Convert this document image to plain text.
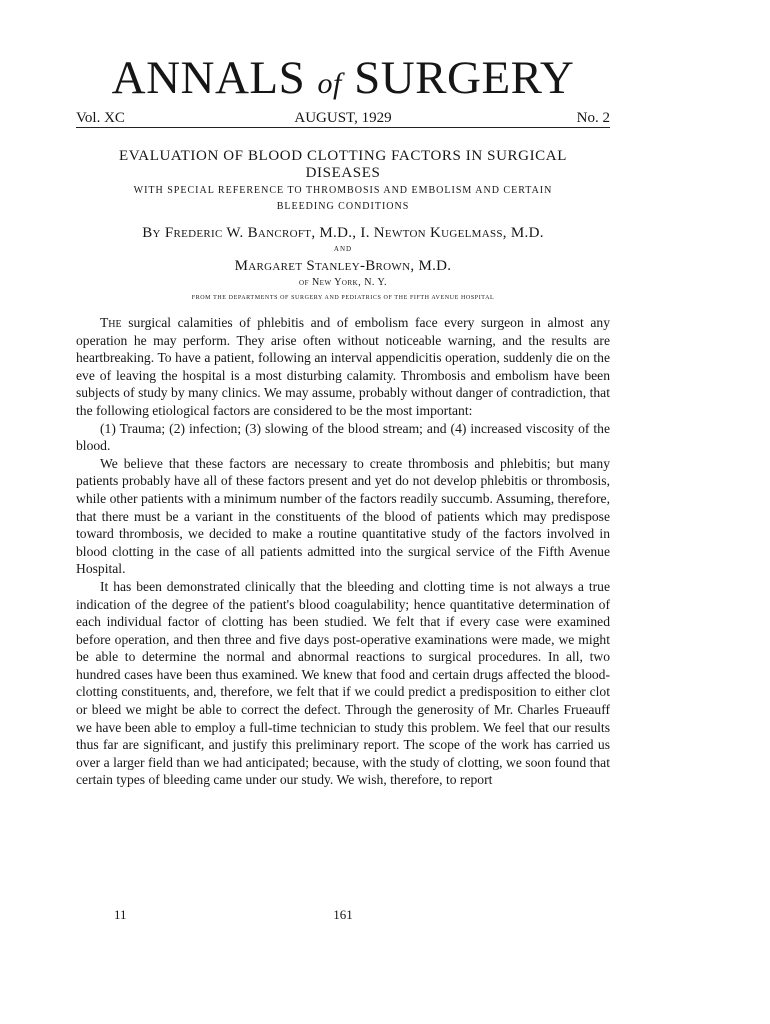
ANNALS of SURGERY
Vol. XC	AUGUST, 1929	No. 2
EVALUATION OF BLOOD CLOTTING FACTORS IN SURGICAL
DISEASES
WITH SPECIAL REFERENCE TO THROMBOSIS AND EMBOLISM AND CERTAIN
BLEEDING CONDITIONS
By Frederic W. Bancroft, M.D., I. Newton Kugelmass, M.D.
AND
Margaret Stanley-Brown, M.D.
of New York, N. Y.
FROM THE DEPARTMENTS OF SURGERY AND PEDIATRICS OF THE FIFTH AVENUE HOSPITAL

The surgical calamities of phlebitis and of embolism face every surgeon in almost any operation he may perform. They arise often without noticeable warning, and the results are heartbreaking. To have a patient, following an interval appendicitis operation, suddenly die on the eve of leaving the hospital is a most disturbing calamity. Thrombosis and embolism have been subjects of study by many clinics. We may assume, probably without danger of contradiction, that the following etiological factors are considered to be the most important:

(1) Trauma; (2) infection; (3) slowing of the blood stream; and (4) increased viscosity of the blood.

We believe that these factors are necessary to create thrombosis and phlebitis; but many patients probably have all of these factors present and yet do not develop phlebitis or thrombosis, while other patients with a minimum number of the factors readily succumb. Assuming, therefore, that there must be a variant in the constituents of the blood of patients which may predispose toward thrombosis, we decided to make a routine quantitative study of the factors involved in blood clotting in the case of all patients admitted into the surgical service of the Fifth Avenue Hospital.

It has been demonstrated clinically that the bleeding and clotting time is not always a true indication of the degree of the patient's blood coagulability; hence quantitative determination of each individual factor of clotting has been studied. We felt that if every case were examined before operation, and then three and five days post-operative examinations were made, we might be able to determine the normal and abnormal reactions to surgical procedures. In all, two hundred cases have been thus examined. We knew that food and certain drugs affected the blood-clotting constituents, and, therefore, we felt that if we could predict a predisposition to either clot or bleed we might be able to correct the defect. Through the generosity of Mr. Charles Frueauff we have been able to employ a full-time technician to study this problem. We feel that our results thus far are significant, and justify this preliminary report. The scope of the work has carried us over a larger field than we had anticipated; because, with the study of clotting, we soon found that certain types of bleeding came under our study. We wish, therefore, to report

11	161
